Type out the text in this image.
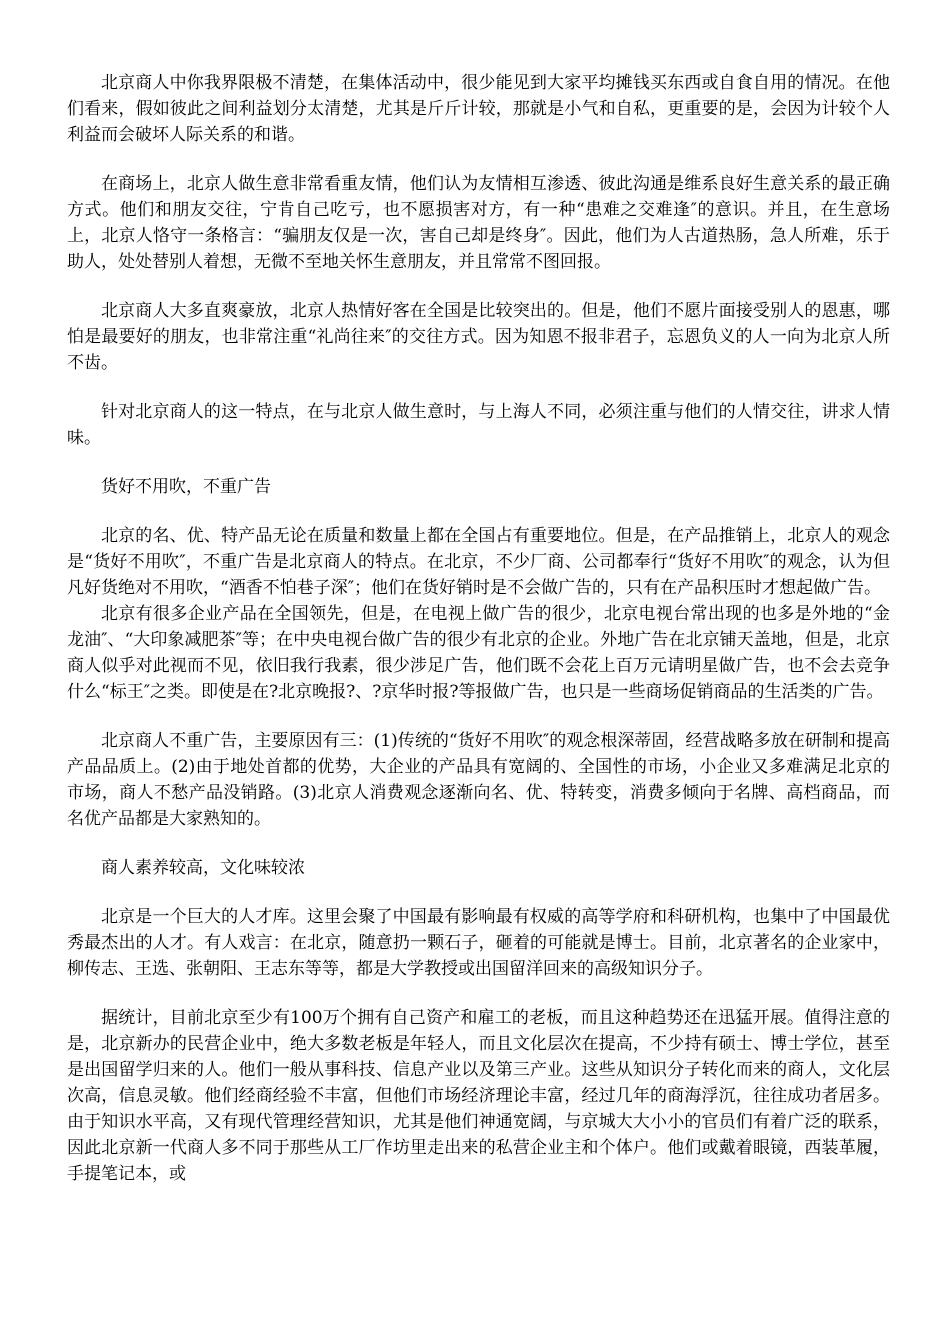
北京商人中你我界限极不清楚，在集体活动中，很少能见到大家平均摊钱买东西或自食自用的情况。在他们看来，假如彼此之间利益划分太清楚，尤其是斤斤计较，那就是小气和自私，更重要的是，会因为计较个人利益而会破坏人际关系的和谐。

在商场上，北京人做生意非常看重友情，他们认为友情相互渗透、彼此沟通是维系良好生意关系的最正确方式。他们和朋友交往，宁肯自己吃亏，也不愿损害对方，有一种“患难之交难逢″的意识。并且，在生意场上，北京人恪守一条格言：“骗朋友仅是一次，害自己却是终身″。因此，他们为人古道热肠，急人所难，乐于助人，处处替别人着想，无微不至地关怀生意朋友，并且常常不图回报。

北京商人大多直爽豪放，北京人热情好客在全国是比较突出的。但是，他们不愿片面接受别人的恩惠，哪怕是最要好的朋友，也非常注重“礼尚往来″的交往方式。因为知恩不报非君子，忘恩负义的人一向为北京人所不齿。

针对北京商人的这一特点，在与北京人做生意时，与上海人不同，必须注重与他们的人情交往，讲求人情味。

货好不用吹，不重广告

北京的名、优、特产品无论在质量和数量上都在全国占有重要地位。但是，在产品推销上，北京人的观念是“货好不用吹″，不重广告是北京商人的特点。在北京，不少厂商、公司都奉行“货好不用吹″的观念，认为但凡好货绝对不用吹，“酒香不怕巷子深″；他们在货好销时是不会做广告的，只有在产品积压时才想起做广告。

北京有很多企业产品在全国领先，但是，在电视上做广告的很少，北京电视台常出现的也多是外地的“金龙油″、“大印象减肥茶″等；在中央电视台做广告的很少有北京的企业。外地广告在北京铺天盖地，但是，北京商人似乎对此视而不见，依旧我行我素，很少涉足广告，他们既不会花上百万元请明星做广告，也不会去竞争什么“标王″之类。即使是在?北京晚报?、?京华时报?等报做广告，也只是一些商场促销商品的生活类的广告。

北京商人不重广告，主要原因有三：(1)传统的“货好不用吹″的观念根深蒂固，经营战略多放在研制和提高产品品质上。(2)由于地处首都的优势，大企业的产品具有宽阔的、全国性的市场，小企业又多难满足北京的市场，商人不愁产品没销路。(3)北京人消费观念逐渐向名、优、特转变，消费多倾向于名牌、高档商品，而名优产品都是大家熟知的。

商人素养较高，文化味较浓

北京是一个巨大的人才库。这里会聚了中国最有影响最有权威的高等学府和科研机构，也集中了中国最优秀最杰出的人才。有人戏言：在北京，随意扔一颗石子，砸着的可能就是博士。目前，北京著名的企业家中，柳传志、王选、张朝阳、王志东等等，都是大学教授或出国留洋回来的高级知识分子。

据统计，目前北京至少有100万个拥有自己资产和雇工的老板，而且这种趋势还在迅猛开展。值得注意的是，北京新办的民营企业中，绝大多数老板是年轻人，而且文化层次在提高，不少持有硕士、博士学位，甚至是出国留学归来的人。他们一般从事科技、信息产业以及第三产业。这些从知识分子转化而来的商人，文化层次高，信息灵敏。他们经商经验不丰富，但他们市场经济理论丰富，经过几年的商海浮沉，往往成功者居多。由于知识水平高，又有现代管理经营知识，尤其是他们神通宽阔，与京城大大小小的官员们有着广泛的联系，因此北京新一代商人多不同于那些从工厂作坊里走出来的私营企业主和个体户。他们或戴着眼镜，西装革履，手提笔记本，或
